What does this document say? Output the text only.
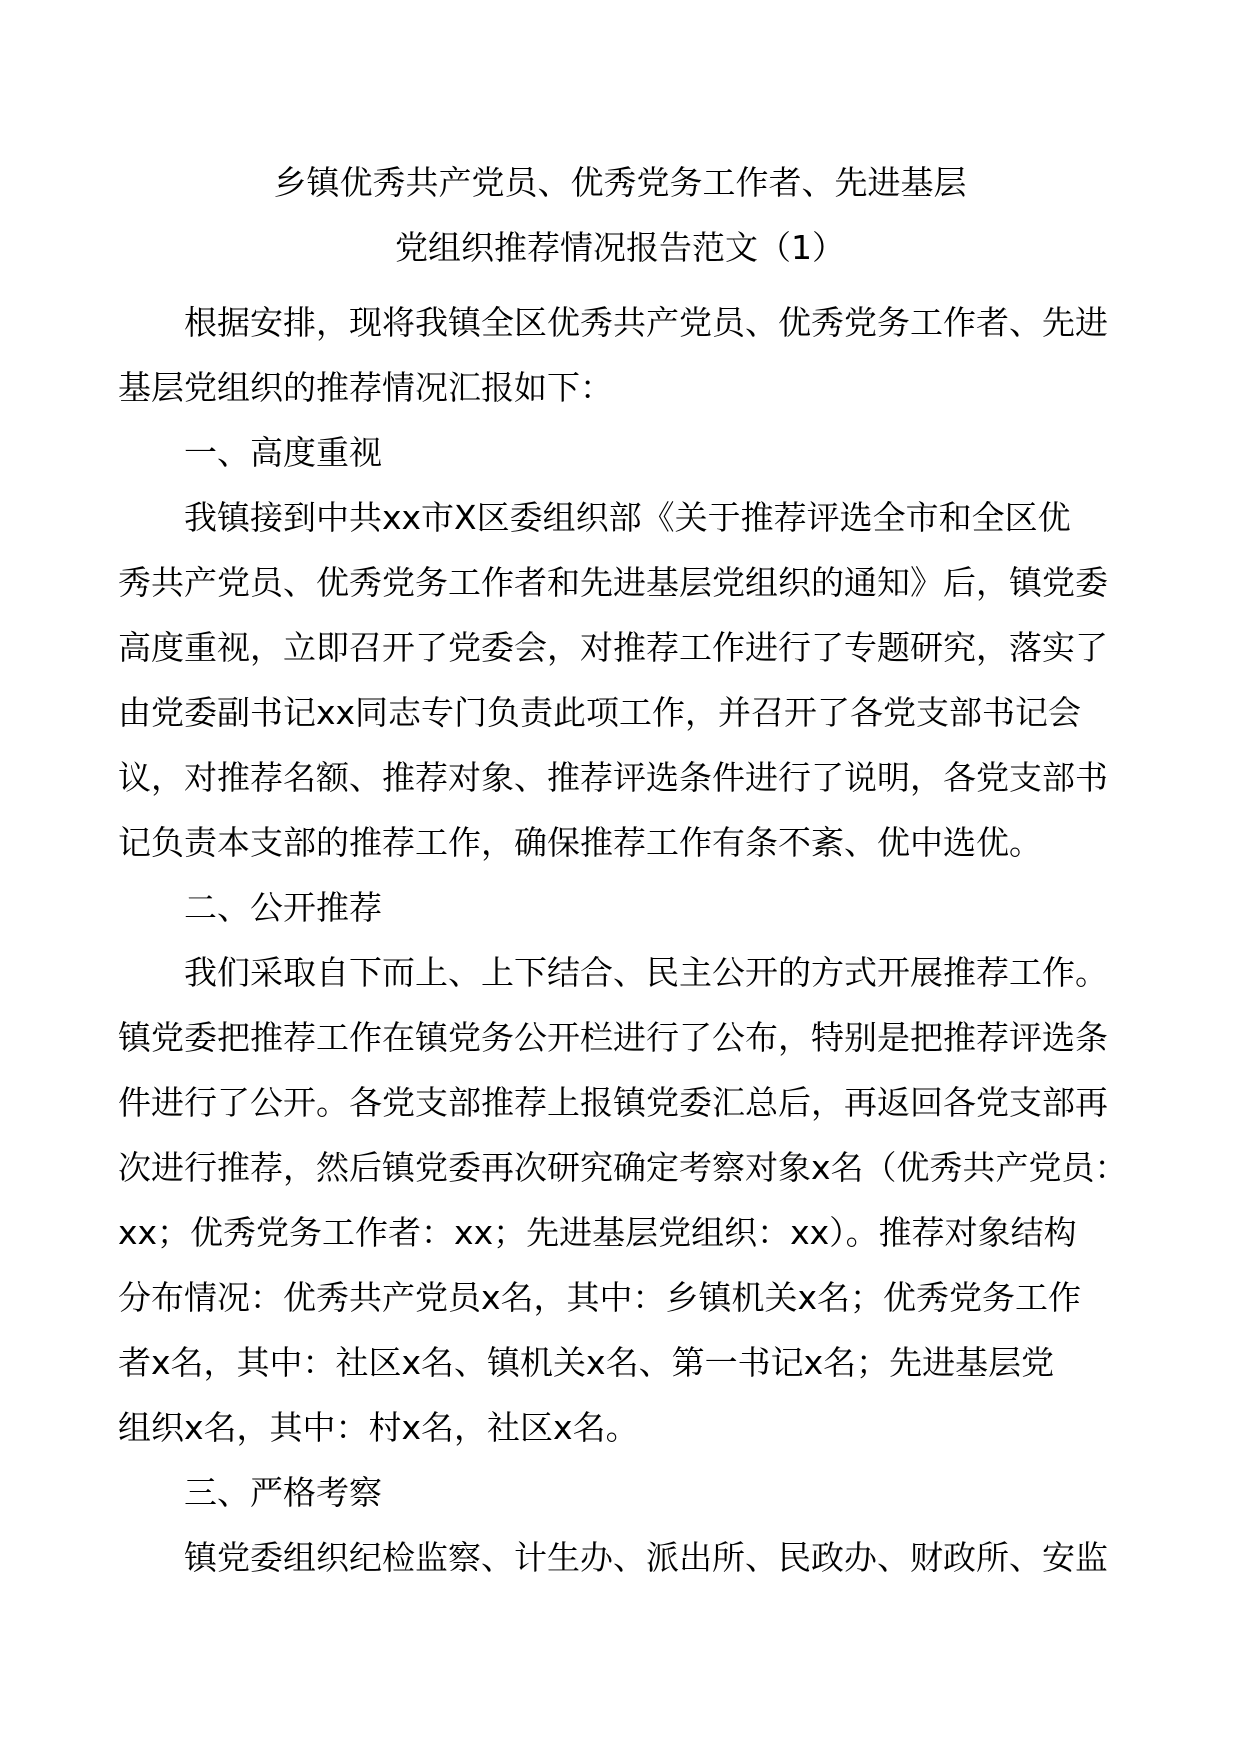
乡镇优秀共产党员、优秀党务工作者、先进基层
党组织推荐情况报告范文（1）
根据安排，现将我镇全区优秀共产党员、优秀党务工作者、先进
基层党组织的推荐情况汇报如下：
一、高度重视
我镇接到中共xx市X区委组织部《关于推荐评选全市和全区优
秀共产党员、优秀党务工作者和先进基层党组织的通知》后，镇党委
高度重视，立即召开了党委会，对推荐工作进行了专题研究，落实了
由党委副书记xx同志专门负责此项工作，并召开了各党支部书记会
议，对推荐名额、推荐对象、推荐评选条件进行了说明，各党支部书
记负责本支部的推荐工作，确保推荐工作有条不紊、优中选优。
二、公开推荐
我们采取自下而上、上下结合、民主公开的方式开展推荐工作。
镇党委把推荐工作在镇党务公开栏进行了公布，特别是把推荐评选条
件进行了公开。各党支部推荐上报镇党委汇总后，再返回各党支部再
次进行推荐，然后镇党委再次研究确定考察对象x名（优秀共产党员：
xx；优秀党务工作者：xx；先进基层党组织：xx）。推荐对象结构
分布情况：优秀共产党员x名，其中：乡镇机关x名；优秀党务工作
者x名，其中：社区x名、镇机关x名、第一书记x名；先进基层党
组织x名，其中：村x名，社区x名。
三、严格考察
镇党委组织纪检监察、计生办、派出所、民政办、财政所、安监
